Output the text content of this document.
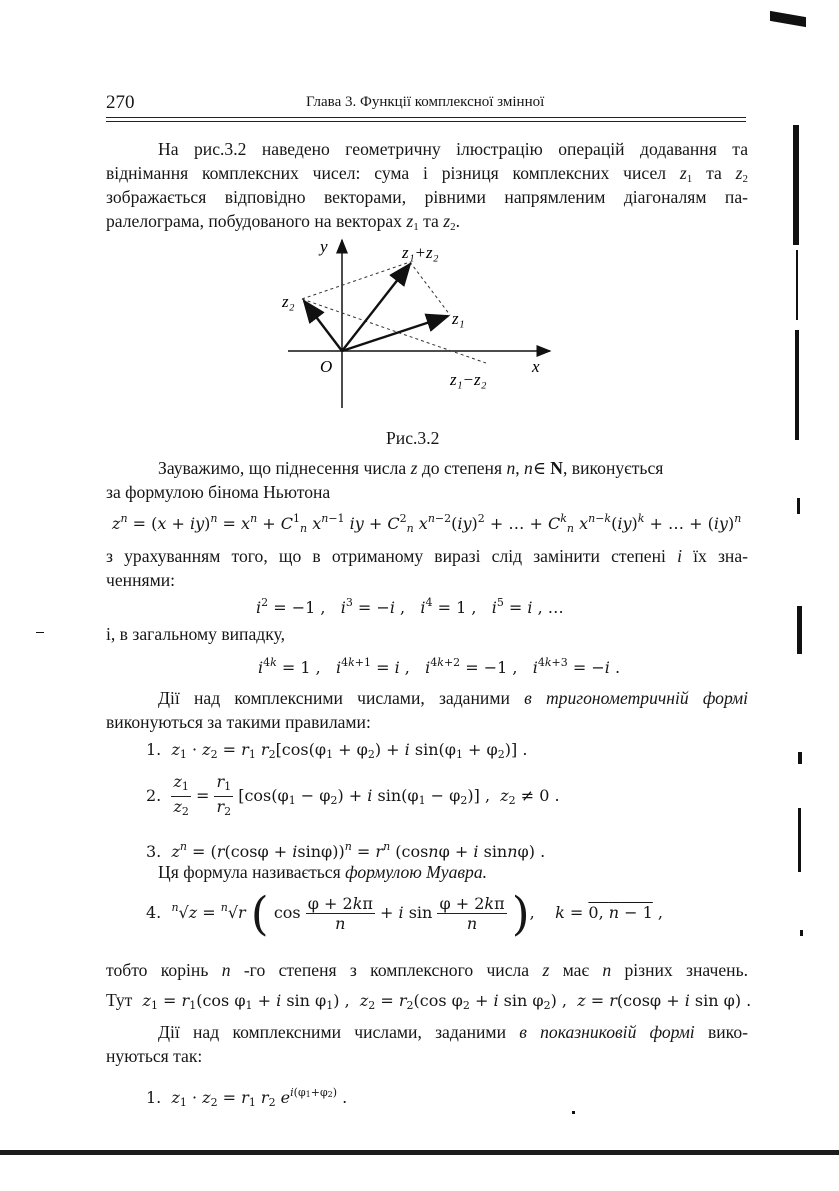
270	Глава 3. Функції комплексної змінної
На рис.3.2 наведено геометричну ілюстрацію операцій додавання та
віднімання комплексних чисел: сума і різниця комплексних чисел $z_1$ та $z_2$
зображається відповідно векторами, рівними напрямленим діагоналям па-
ралелограма, побудованого на векторах $z_1$ та $z_2$.
y
x
O
z₁+z₂
z₁
z₂
z₁−z₂
Рис.3.2
Зауважимо, що піднесення числа z до степеня n, n∈ N, виконується
за формулою бінома Ньютона
$z^n = (x + iy)^n = x^n + C^1_n$ $x^{n-1}$ iy + $C^2_n$ $x^{n-2}(iy)^2$ + … + $C^k_n$ $x^{n-k}(iy)^k$ + … + (iy)$^n$
з урахуванням того, що в отриманому виразі слід замінити степені i їх зна-
ченнями:
$i^2 = -1$ ,   $i^3 = -i$ ,   $i^4 = 1$ ,   $i^5 = i$ , …
і, в загальному випадку,
$i^{4k} = 1$ ,   $i^{4k+1} = i$ ,   $i^{4k+2} = -1$ ,   $i^{4k+3} = -i$ .
Дії над комплексними числами, заданими в тригонометричній формі
виконуються за такими правилами:
1.  $z_1 \cdot z_2 = r_1$ $r_2[\cos(\varphi_1 + \varphi_2) + i$ $\sin(\varphi_1 + \varphi_2)$] .
2. $\frac{z_1}{z_2} = \frac{r_1}{r_2} [\cos(\varphi_1 - \varphi_2) + i$ $\sin(\varphi_1 - \varphi_2)$] ,  $z_2 \ne 0$ .
3.  $z^n = (r(\cos\varphi + isin\varphi))^n = r^n$ (cosnφ + i sinnφ) .
Ця формула називається формулою Муавра.
4.  $^n$√z = $^n$√r ( $\cos \frac{\varphi + 2k\pi}{n} + i$ $\sin \frac{\varphi + 2k\pi}{n}$ ),    k = 0, n − 1 ,
тобто корінь n -го степеня з комплексного числа z має n різних значень.
Тут $z_1 = r_1(\cos$ $\varphi_1 + i$ $\sin \varphi_1$) ,  $z_2 = r_2(\cos$ $\varphi_2 + i$ $\sin \varphi_2$) ,  z = r(cosφ + i sin φ) .
Дії над комплексними числами, заданими в показниковій формі вико-
нуються так:
1.  $z_1 \cdot z_2 = r_1$ $r_2$ $e^{i(\varphi_1+\varphi_2)}$ .
